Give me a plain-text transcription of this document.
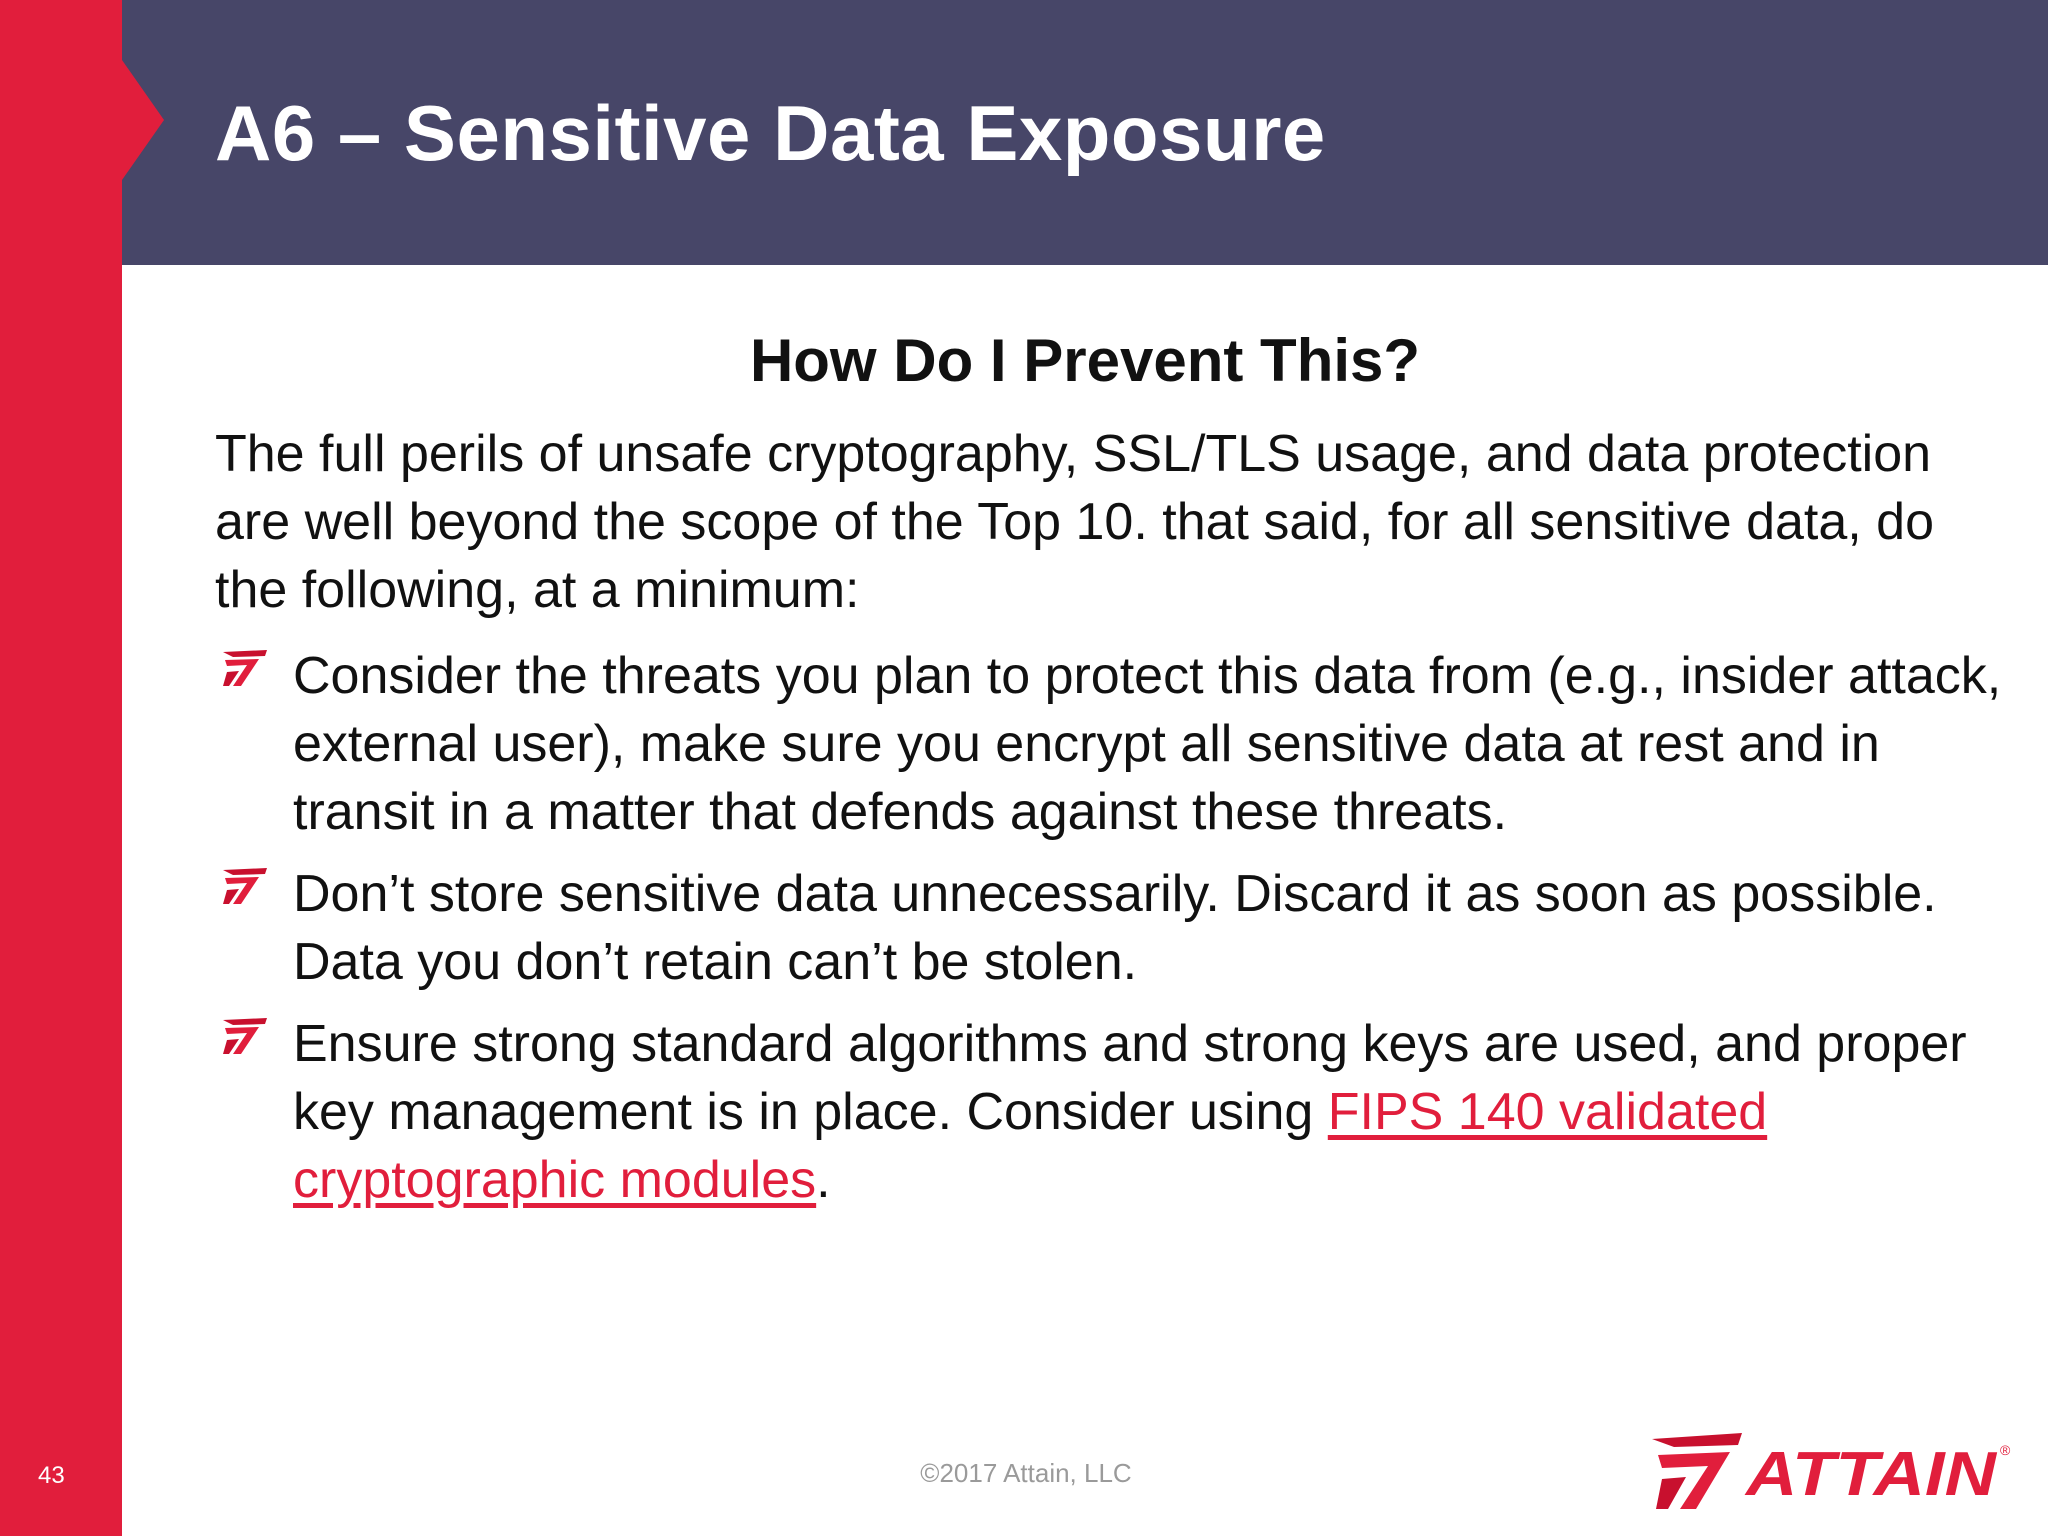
A6 – Sensitive Data Exposure
How Do I Prevent This?
The full perils of unsafe cryptography, SSL/TLS usage, and data protection are well beyond the scope of the Top 10. that said, for all sensitive data, do the following, at a minimum:
Consider the threats you plan to protect this data from (e.g., insider attack, external user), make sure you encrypt all sensitive data at rest and in transit in a matter that defends against these threats.
Don’t store sensitive data unnecessarily. Discard it as soon as possible. Data you don’t retain can’t be stolen.
Ensure strong standard algorithms and strong keys are used, and proper key management is in place. Consider using FIPS 140 validated cryptographic modules.
43	©2017 Attain, LLC	ATTAIN ®
